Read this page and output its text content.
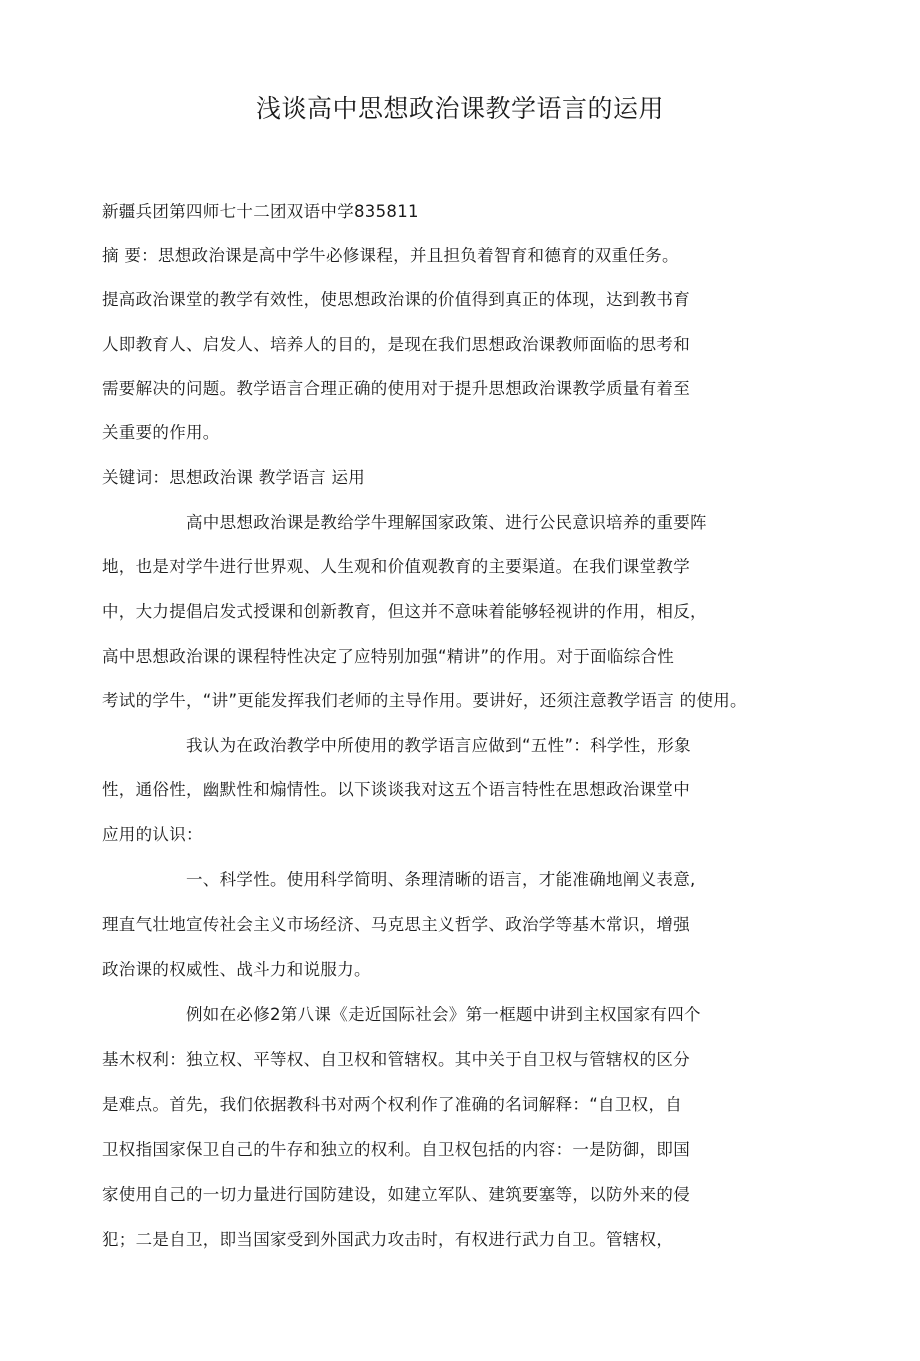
浅谈高中思想政治课教学语言的运用
新疆兵团第四师七十二团双语中学835811
摘 要：思想政治课是高中学牛必修课程，并且担负着智育和德育的双重任务。
提高政治课堂的教学有效性，使思想政治课的价值得到真正的体现，达到教书育
人即教育人、启发人、培养人的目的，是现在我们思想政治课教师面临的思考和
需要解决的问题。教学语言合理正确的使用对于提升思想政治课教学质量有着至
关重要的作用。
关键词：思想政治课 教学语言 运用
高中思想政治课是教给学牛理解国家政策、进行公民意识培养的重要阵
地，也是对学牛进行世界观、人生观和价值观教育的主要渠道。在我们课堂教学
中，大力提倡启发式授课和创新教育，但这并不意味着能够轻视讲的作用，相反，
高中思想政治课的课程特性决定了应特别加强“精讲”的作用。对于面临综合性
考试的学牛，“讲”更能发挥我们老师的主导作用。要讲好，还须注意教学语言 的使用。
我认为在政治教学中所使用的教学语言应做到“五性”：科学性，形象
性，通俗性，幽默性和煽情性。以下谈谈我对这五个语言特性在思想政治课堂中
应用的认识：
一、科学性。使用科学简明、条理清晰的语言，才能准确地阐义表意,
理直气壮地宣传社会主义市场经济、马克思主义哲学、政治学等基木常识，增强
政治课的权威性、战斗力和说服力。
例如在必修2第八课《走近国际社会》第一框题中讲到主权国家有四个
基木权利：独立权、平等权、自卫权和管辖权。其中关于自卫权与管辖权的区分
是难点。首先，我们依据教科书对两个权利作了准确的名词解释：“自卫权，自
卫权指国家保卫自己的牛存和独立的权利。自卫权包括的内容：一是防御，即国
家使用自己的一切力量进行国防建设，如建立军队、建筑要塞等，以防外来的侵
犯；二是自卫，即当国家受到外国武力攻击时，有权进行武力自卫。管辖权，
